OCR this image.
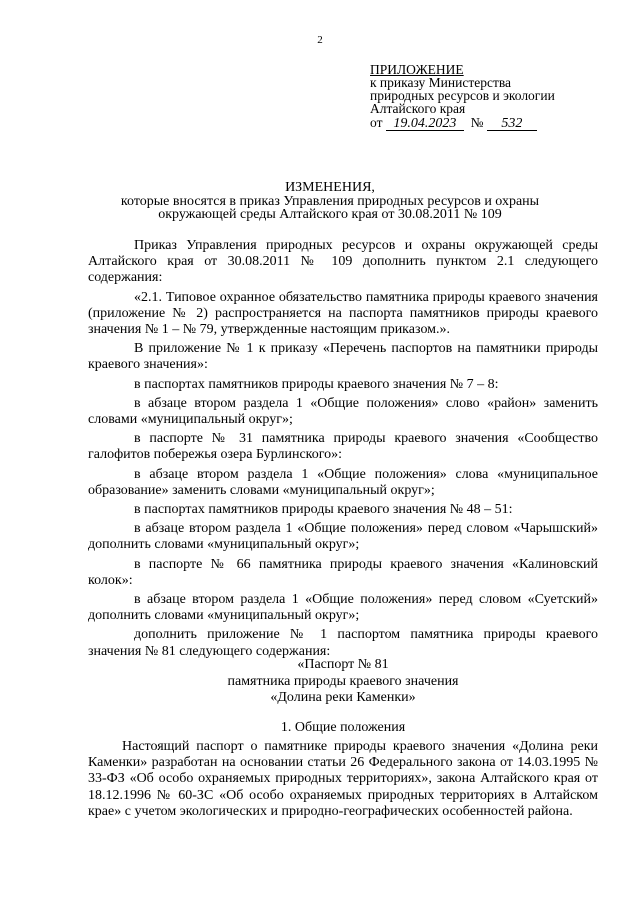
2
ПРИЛОЖЕНИЕ
к приказу Министерства
природных ресурсов и экологии
Алтайского края
от 19.04.2023 № 532
ИЗМЕНЕНИЯ,
которые вносятся в приказ Управления природных ресурсов и охраны
окружающей среды Алтайского края от 30.08.2011 № 109

Приказ Управления природных ресурсов и охраны окружающей среды Алтайского края от 30.08.2011 № 109 дополнить пунктом 2.1 следующего содержания:

«2.1. Типовое охранное обязательство памятника природы краевого значения (приложение № 2) распространяется на паспорта памятников природы краевого значения № 1 – № 79, утвержденные настоящим приказом.».

В приложение № 1 к приказу «Перечень паспортов на памятники природы краевого значения»:

в паспортах памятников природы краевого значения № 7 – 8:

в абзаце втором раздела 1 «Общие положения» слово «район» заменить словами «муниципальный округ»;

в паспорте № 31 памятника природы краевого значения «Сообщество галофитов побережья озера Бурлинского»:

в абзаце втором раздела 1 «Общие положения» слова «муниципальное образование» заменить словами «муниципальный округ»;

в паспортах памятников природы краевого значения № 48 – 51:

в абзаце втором раздела 1 «Общие положения» перед словом «Чарышский» дополнить словами «муниципальный округ»;

в паспорте № 66 памятника природы краевого значения «Калиновский колок»:

в абзаце втором раздела 1 «Общие положения» перед словом «Суетский» дополнить словами «муниципальный округ»;

дополнить приложение № 1 паспортом памятника природы краевого значения № 81 следующего содержания:

«Паспорт № 81
памятника природы краевого значения
«Долина реки Каменки»
1. Общие положения

Настоящий паспорт о памятнике природы краевого значения «Долина реки Каменки» разработан на основании статьи 26 Федерального закона от 14.03.1995 № 33-ФЗ «Об особо охраняемых природных территориях», закона Алтайского края от 18.12.1996 № 60-ЗС «Об особо охраняемых природных территориях в Алтайском крае» с учетом экологических и природно-географических особенностей района.
